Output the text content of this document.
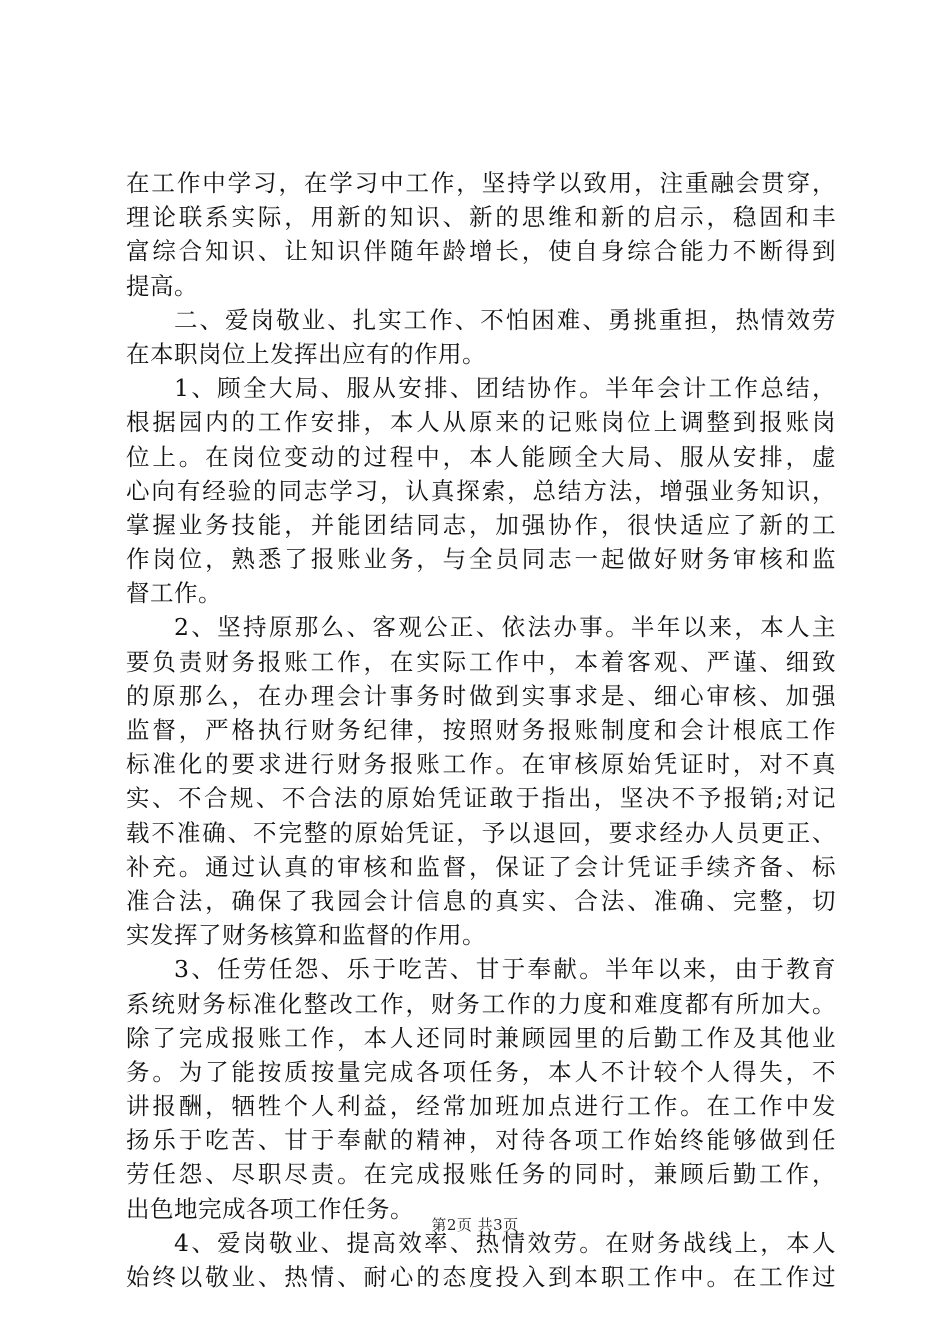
在工作中学习，在学习中工作，坚持学以致用，注重融会贯穿，
理论联系实际，用新的知识、新的思维和新的启示，稳固和丰
富综合知识、让知识伴随年龄增长，使自身综合能力不断得到
提高。
二、爱岗敬业、扎实工作、不怕困难、勇挑重担，热情效劳
在本职岗位上发挥出应有的作用。
1、顾全大局、服从安排、团结协作。半年会计工作总结，
根据园内的工作安排，本人从原来的记账岗位上调整到报账岗
位上。在岗位变动的过程中，本人能顾全大局、服从安排，虚
心向有经验的同志学习，认真探索，总结方法，增强业务知识，
掌握业务技能，并能团结同志，加强协作，很快适应了新的工
作岗位，熟悉了报账业务，与全员同志一起做好财务审核和监
督工作。
2、坚持原那么、客观公正、依法办事。半年以来，本人主
要负责财务报账工作，在实际工作中，本着客观、严谨、细致
的原那么，在办理会计事务时做到实事求是、细心审核、加强
监督，严格执行财务纪律，按照财务报账制度和会计根底工作
标准化的要求进行财务报账工作。在审核原始凭证时，对不真
实、不合规、不合法的原始凭证敢于指出，坚决不予报销;对记
载不准确、不完整的原始凭证，予以退回，要求经办人员更正、
补充。通过认真的审核和监督，保证了会计凭证手续齐备、标
准合法，确保了我园会计信息的真实、合法、准确、完整，切
实发挥了财务核算和监督的作用。
3、任劳任怨、乐于吃苦、甘于奉献。半年以来，由于教育
系统财务标准化整改工作，财务工作的力度和难度都有所加大。
除了完成报账工作，本人还同时兼顾园里的后勤工作及其他业
务。为了能按质按量完成各项任务，本人不计较个人得失，不
讲报酬，牺牲个人利益，经常加班加点进行工作。在工作中发
扬乐于吃苦、甘于奉献的精神，对待各项工作始终能够做到任
劳任怨、尽职尽责。在完成报账任务的同时，兼顾后勤工作，
出色地完成各项工作任务。
4、爱岗敬业、提高效率、热情效劳。在财务战线上，本人
始终以敬业、热情、耐心的态度投入到本职工作中。在工作过
第2页 共3页
